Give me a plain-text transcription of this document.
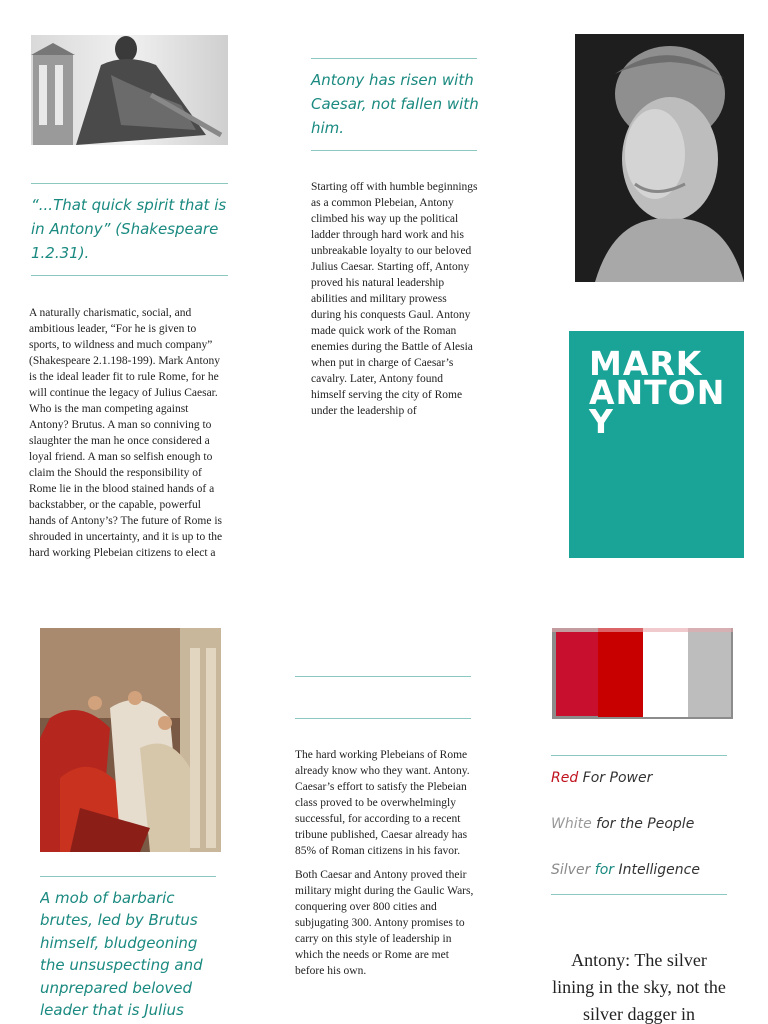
“...That quick spirit that is in Antony” (Shakespeare 1.2.31).

A naturally charismatic, social, and ambitious leader, “For he is given to sports, to wildness and much company” (Shakespeare 2.1.198-199). Mark Antony is the ideal leader fit to rule Rome, for he will continue the legacy of Julius Caesar. Who is the man competing against Antony? Brutus. A man so conniving to slaughter the man he once considered a loyal friend. A man so selfish enough to claim the Should the responsibility of Rome lie in the blood stained hands of a backstabber, or the capable, powerful hands of Antony’s? The future of Rome is shrouded in uncertainty, and it is up to the hard working Plebeian citizens to elect a

A mob of barbaric brutes, led by Brutus himself, bludgeoning the unsuspecting and unprepared beloved leader that is Julius
Antony has risen with Caesar, not fallen with him.

Starting off with humble beginnings as a common Plebeian, Antony climbed his way up the political ladder through hard work and his unbreakable loyalty to our beloved Julius Caesar. Starting off, Antony proved his natural leadership abilities and military prowess during his conquests Gaul. Antony made quick work of the Roman enemies during the Battle of Alesia when put in charge of Caesar’s cavalry. Later, Antony found himself serving the city of Rome under the leadership of

The hard working Plebeians of Rome already know who they want. Antony. Caesar’s effort to satisfy the Plebeian class proved to be overwhelmingly successful, for according to a recent tribune published, Caesar already has 85% of Roman citizens in his favor.

Both Caesar and Antony proved their military might during the Gaulic Wars, conquering over 800 cities and subjugating 300. Antony promises to carry on this style of leadership in which the needs or Rome are met before his own.

MARK ANTONY
Red For Power
White for the People
Silver for Intelligence
Antony: The silver lining in the sky, not the silver dagger in
